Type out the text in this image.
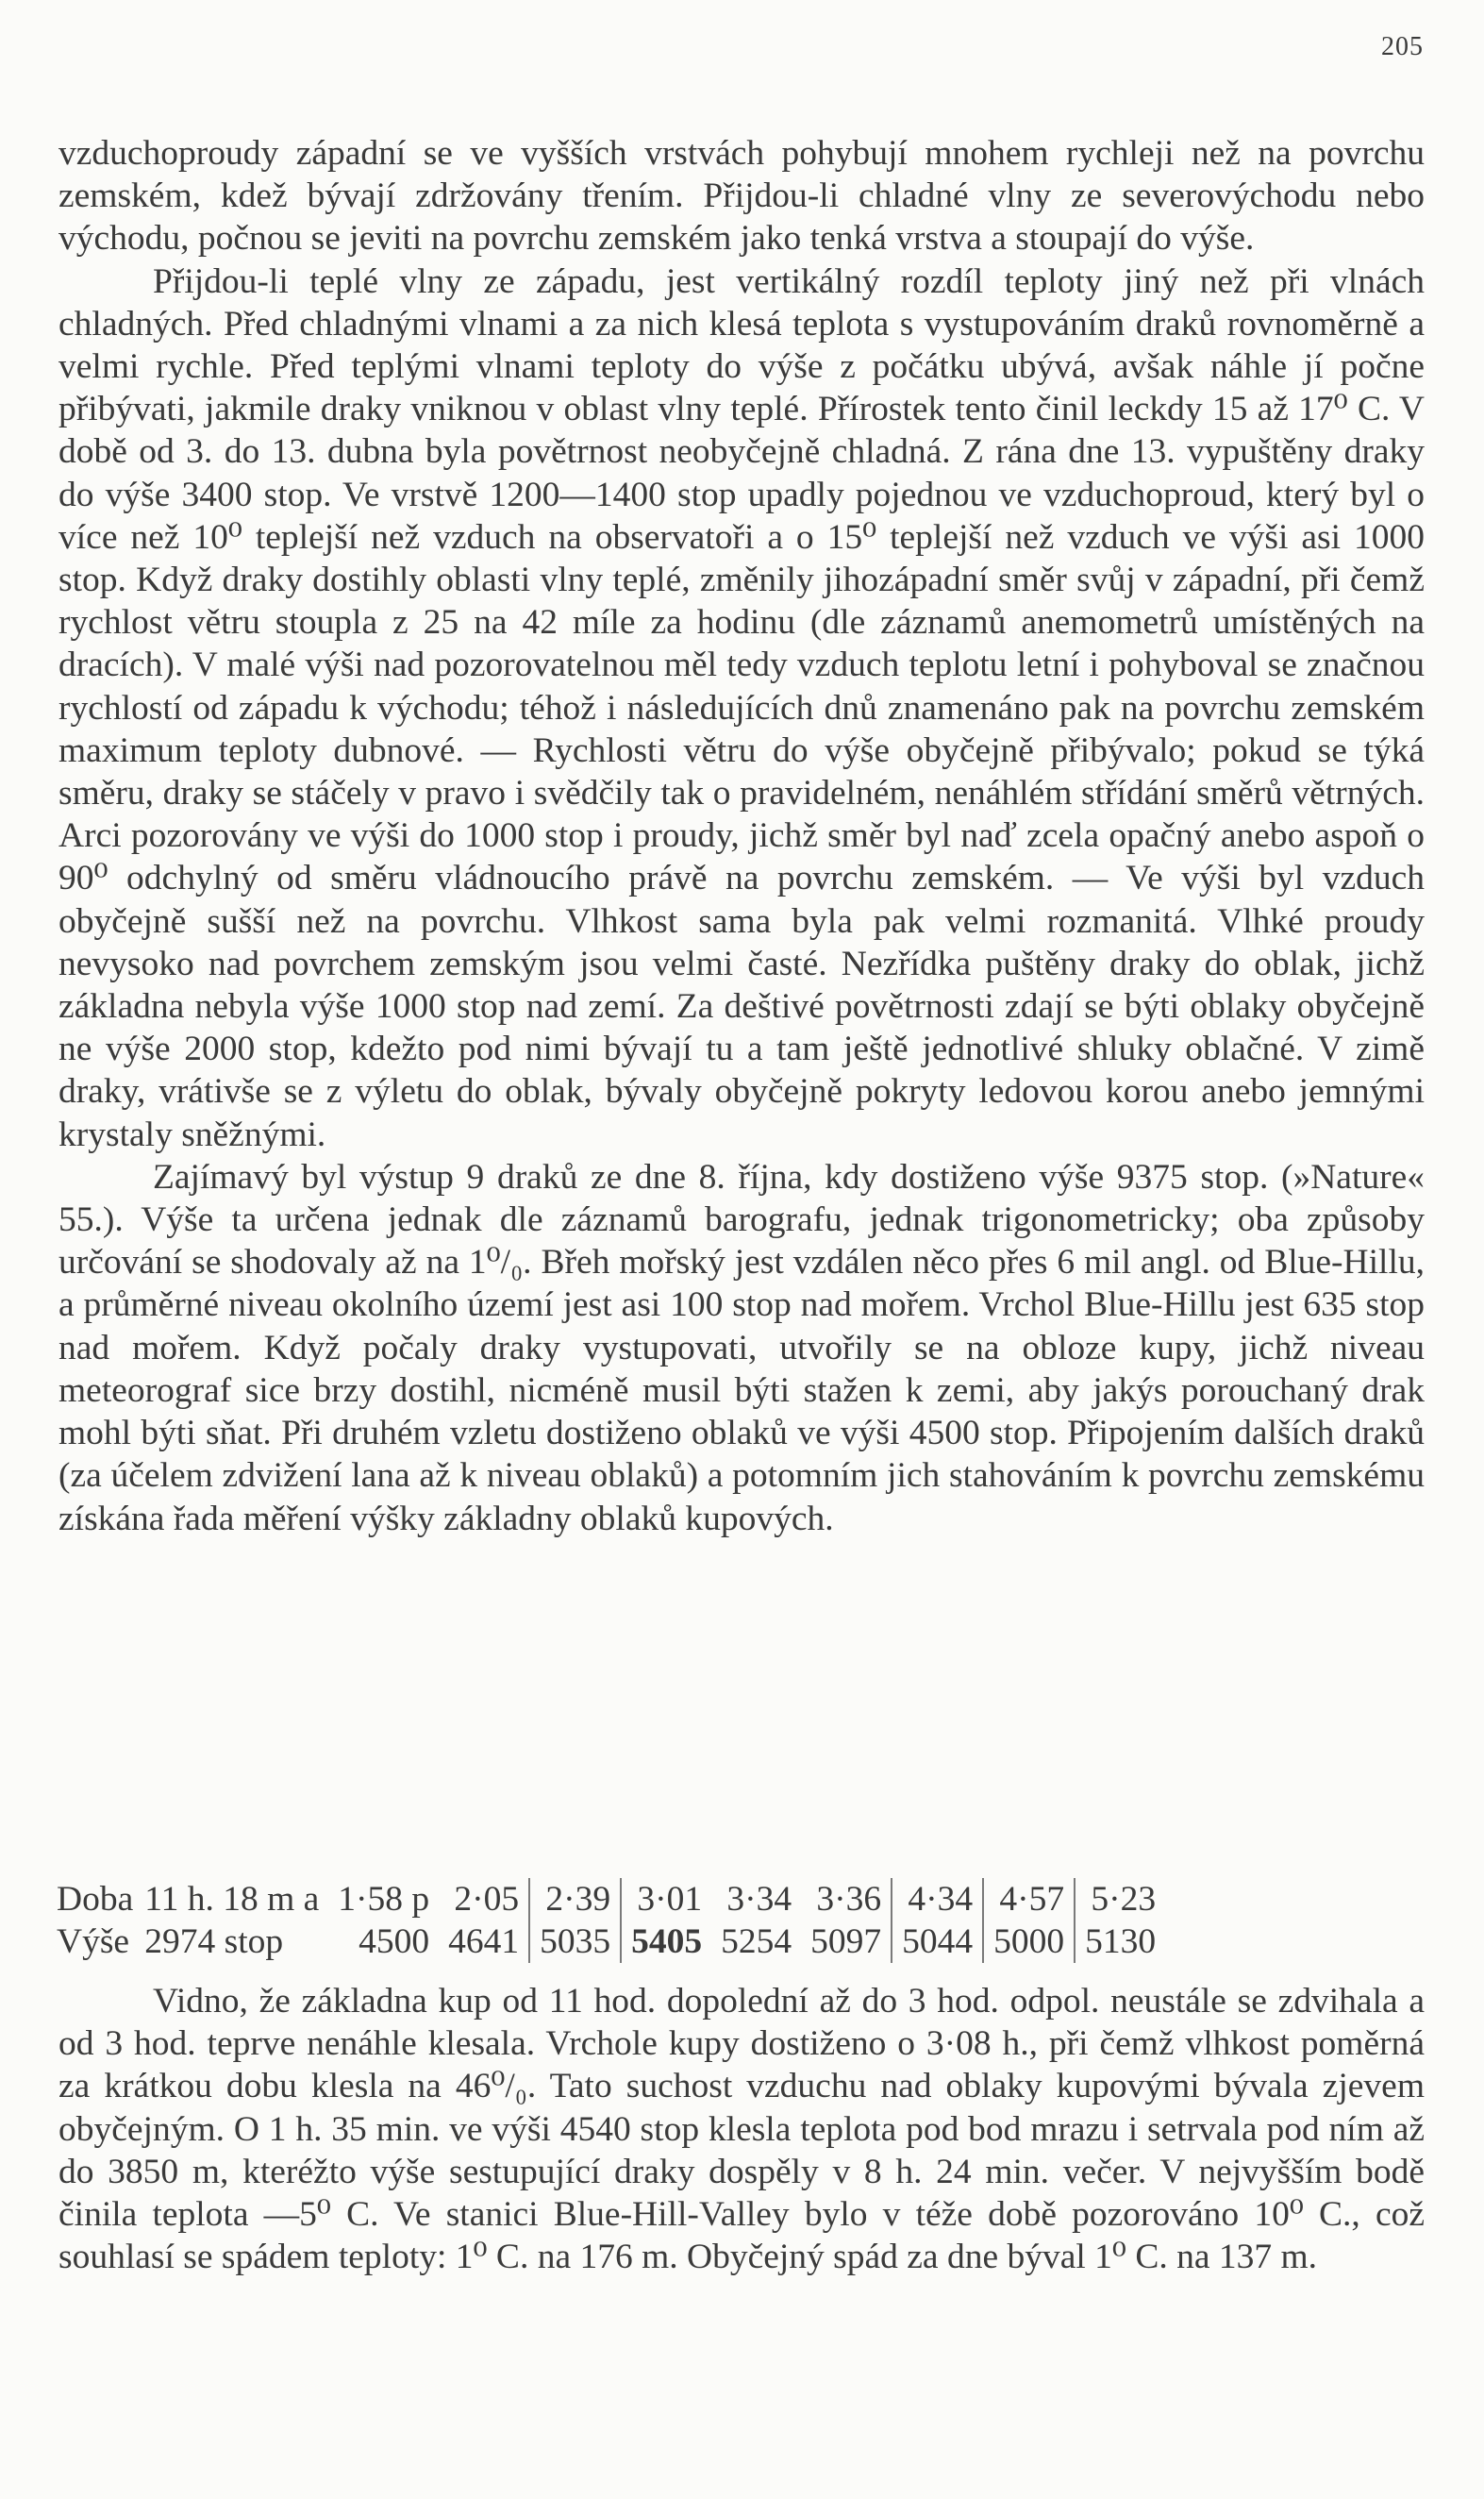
205

vzduchoproudy západní se ve vyšších vrstvách pohybují mnohem rychleji než na povrchu zemském, kdež bývají zdržovány třením. Přijdou-li chladné vlny ze severovýchodu nebo východu, počnou se jeviti na povrchu zemském jako tenká vrstva a stoupají do výše.

Přijdou-li teplé vlny ze západu, jest vertikálný rozdíl teploty jiný než při vlnách chladných. Před chladnými vlnami a za nich klesá teplota s vystupováním draků rovnoměrně a velmi rychle. Před teplými vlnami teploty do výše z počátku ubývá, avšak náhle jí počne přibývati, jakmile draky vniknou v oblast vlny teplé. Přírostek tento činil leckdy 15 až 17⁰ C. V době od 3. do 13. dubna byla povětrnost neobyčejně chladná. Z rána dne 13. vypuštěny draky do výše 3400 stop. Ve vrstvě 1200—1400 stop upadly pojednou ve vzduchoproud, který byl o více než 10⁰ teplejší než vzduch na observatoři a o 15⁰ teplejší než vzduch ve výši asi 1000 stop. Když draky dostihly oblasti vlny teplé, změnily jihozápadní směr svůj v západní, při čemž rychlost větru stoupla z 25 na 42 míle za hodinu (dle záznamů anemometrů umístěných na dracích). V malé výši nad pozorovatelnou měl tedy vzduch teplotu letní i pohyboval se značnou rychlostí od západu k východu; téhož i následujících dnů znamenáno pak na povrchu zemském maximum teploty dubnové. — Rychlosti větru do výše obyčejně přibývalo; pokud se týká směru, draky se stáčely v pravo i svědčily tak o pravidelném, nenáhlém střídání směrů větrných. Arci pozorovány ve výši do 1000 stop i proudy, jichž směr byl naď zcela opačný anebo aspoň o 90⁰ odchylný od směru vládnoucího právě na povrchu zemském. — Ve výši byl vzduch obyčejně sušší než na povrchu. Vlhkost sama byla pak velmi rozmanitá. Vlhké proudy nevysoko nad povrchem zemským jsou velmi časté. Nezřídka puštěny draky do oblak, jichž základna nebyla výše 1000 stop nad zemí. Za deštivé povětrnosti zdají se býti oblaky obyčejně ne výše 2000 stop, kdežto pod nimi bývají tu a tam ještě jednotlivé shluky oblačné. V zimě draky, vrátivše se z výletu do oblak, bývaly obyčejně pokryty ledovou korou anebo jemnými krystaly sněžnými.

Zajímavý byl výstup 9 draků ze dne 8. října, kdy dostiženo výše 9375 stop. (»Nature« 55.). Výše ta určena jednak dle záznamů barografu, jednak trigonometricky; oba způsoby určování se shodovaly až na 1⁰/₀. Břeh mořský jest vzdálen něco přes 6 mil angl. od Blue-Hillu, a průměrné niveau okolního území jest asi 100 stop nad mořem. Vrchol Blue-Hillu jest 635 stop nad mořem. Když počaly draky vystupovati, utvořily se na obloze kupy, jichž niveau meteorograf sice brzy dostihl, nicméně musil býti stažen k zemi, aby jakýs porouchaný drak mohl býti sňat. Při druhém vzletu dostiženo oblaků ve výši 4500 stop. Připojením dalších draků (za účelem zdvižení lana až k niveau oblaků) a potomním jich stahováním k povrchu zemskému získána řada měření výšky základny oblaků kupových.

Doba	11 h. 18 m a	1·58 p	2·05	2·39	3·01	3·34	3·36	4·34	4·57	5·23
Výše	2974 stop	4500	4641	5035	5405	5254	5097	5044	5000	5130

Vidno, že základna kup od 11 hod. dopolední až do 3 hod. odpol. neustále se zdvihala a od 3 hod. teprve nenáhle klesala. Vrchole kupy dostiženo o 3·08 h., při čemž vlhkost poměrná za krátkou dobu klesla na 46⁰/₀. Tato suchost vzduchu nad oblaky kupovými bývala zjevem obyčejným. O 1 h. 35 min. ve výši 4540 stop klesla teplota pod bod mrazu i setrvala pod ním až do 3850 m, kteréžto výše sestupující draky dospěly v 8 h. 24 min. večer. V nejvyšším bodě činila teplota —5⁰ C. Ve stanici Blue-Hill-Valley bylo v téže době pozorováno 10⁰ C., což souhlasí se spádem teploty: 1⁰ C. na 176 m. Obyčejný spád za dne býval 1⁰ C. na 137 m.
